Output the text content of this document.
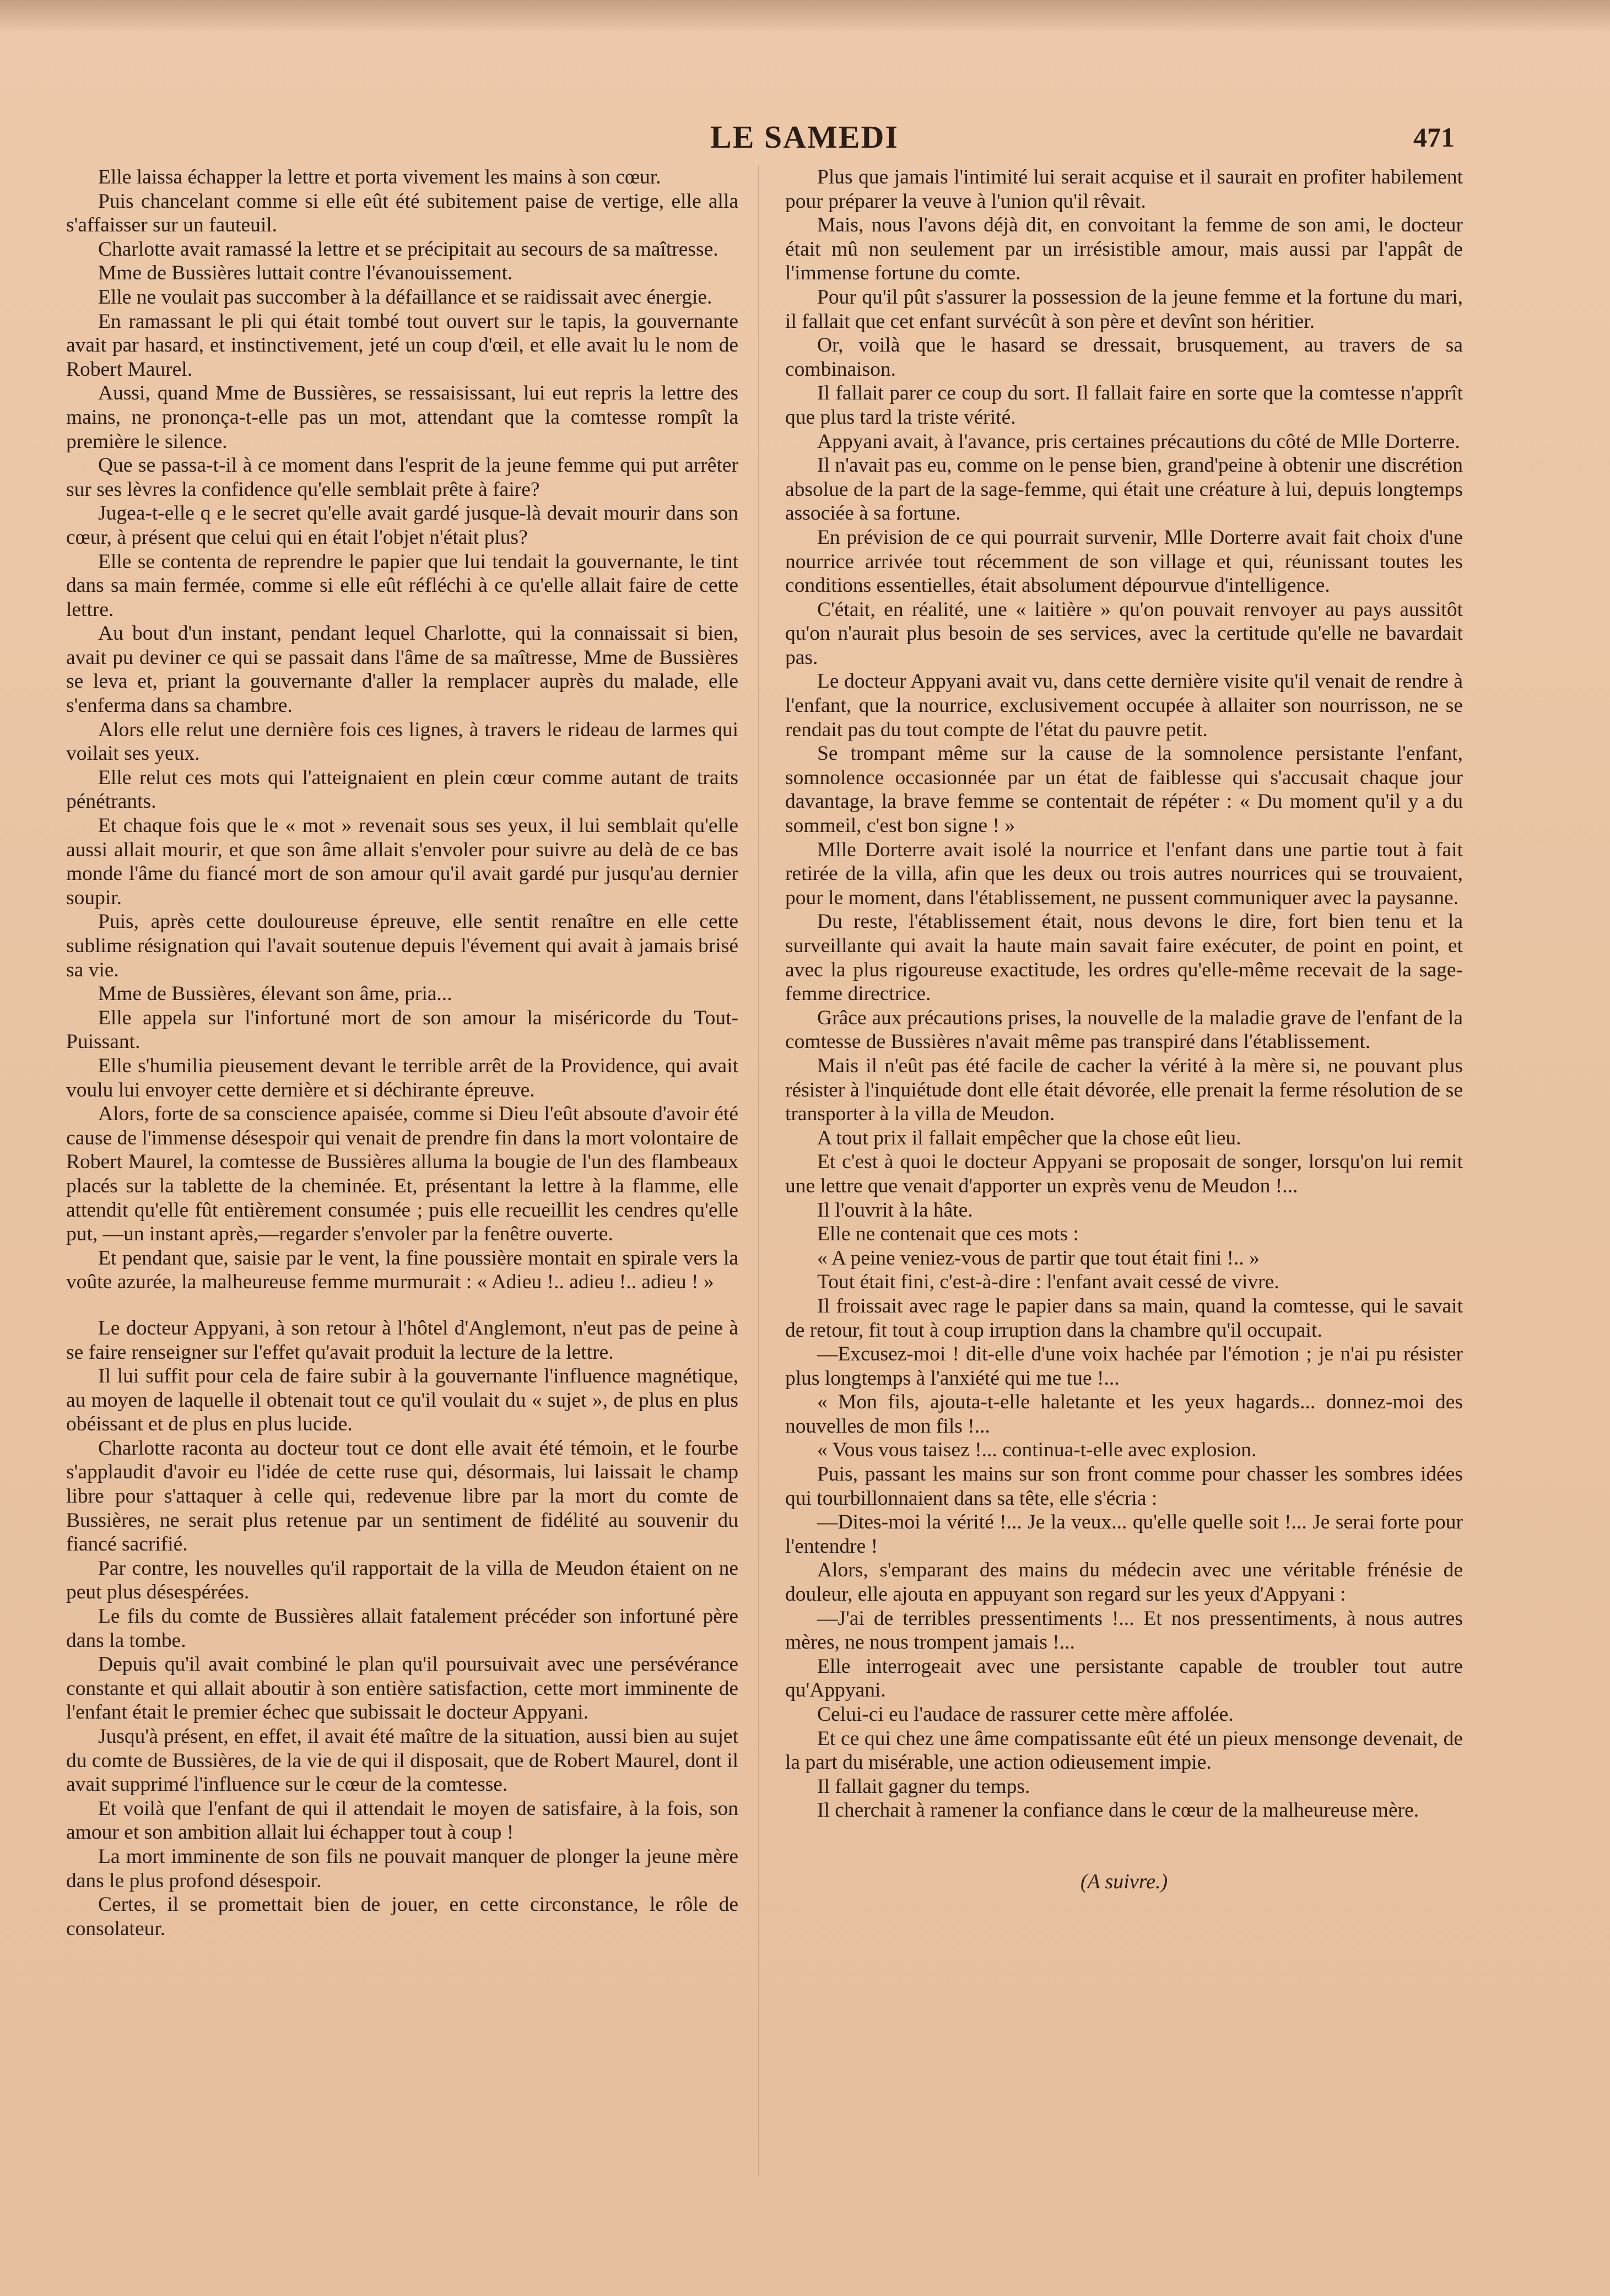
LE SAMEDI	471

Elle laissa échapper la lettre et porta vivement les mains à son cœur.

Puis chancelant comme si elle eût été subitement paise de vertige, elle alla s'affaisser sur un fauteuil.

Charlotte avait ramassé la lettre et se précipitait au secours de sa maîtresse.

Mme de Bussières luttait contre l'évanouissement.

Elle ne voulait pas succomber à la défaillance et se raidissait avec énergie.

En ramassant le pli qui était tombé tout ouvert sur le tapis, la gouvernante avait par hasard, et instinctivement, jeté un coup d'œil, et elle avait lu le nom de Robert Maurel.

Aussi, quand Mme de Bussières, se ressaisissant, lui eut repris la lettre des mains, ne prononça-t-elle pas un mot, attendant que la comtesse rompît la première le silence.

Que se passa-t-il à ce moment dans l'esprit de la jeune femme qui put arrêter sur ses lèvres la confidence qu'elle semblait prête à faire?

Jugea-t-elle q e le secret qu'elle avait gardé jusque-là devait mourir dans son cœur, à présent que celui qui en était l'objet n'était plus?

Elle se contenta de reprendre le papier que lui tendait la gouvernante, le tint dans sa main fermée, comme si elle eût réfléchi à ce qu'elle allait faire de cette lettre.

Au bout d'un instant, pendant lequel Charlotte, qui la connaissait si bien, avait pu deviner ce qui se passait dans l'âme de sa maîtresse, Mme de Bussières se leva et, priant la gouvernante d'aller la remplacer auprès du malade, elle s'enferma dans sa chambre.

Alors elle relut une dernière fois ces lignes, à travers le rideau de larmes qui voilait ses yeux.

Elle relut ces mots qui l'atteignaient en plein cœur comme autant de traits pénétrants.

Et chaque fois que le « mot » revenait sous ses yeux, il lui semblait qu'elle aussi allait mourir, et que son âme allait s'envoler pour suivre au delà de ce bas monde l'âme du fiancé mort de son amour qu'il avait gardé pur jusqu'au dernier soupir.

Puis, après cette douloureuse épreuve, elle sentit renaître en elle cette sublime résignation qui l'avait soutenue depuis l'évement qui avait à jamais brisé sa vie.

Mme de Bussières, élevant son âme, pria...

Elle appela sur l'infortuné mort de son amour la miséricorde du Tout-Puissant.

Elle s'humilia pieusement devant le terrible arrêt de la Providence, qui avait voulu lui envoyer cette dernière et si déchirante épreuve.

Alors, forte de sa conscience apaisée, comme si Dieu l'eût absoute d'avoir été cause de l'immense désespoir qui venait de prendre fin dans la mort volontaire de Robert Maurel, la comtesse de Bussières alluma la bougie de l'un des flambeaux placés sur la tablette de la cheminée. Et, présentant la lettre à la flamme, elle attendit qu'elle fût entièrement consumée ; puis elle recueillit les cendres qu'elle put, —un instant après,—regarder s'envoler par la fenêtre ouverte.

Et pendant que, saisie par le vent, la fine poussière montait en spirale vers la voûte azurée, la malheureuse femme murmurait : « Adieu !.. adieu !.. adieu ! »

Le docteur Appyani, à son retour à l'hôtel d'Anglemont, n'eut pas de peine à se faire renseigner sur l'effet qu'avait produit la lecture de la lettre.

Il lui suffit pour cela de faire subir à la gouvernante l'influence magnétique, au moyen de laquelle il obtenait tout ce qu'il voulait du « sujet », de plus en plus obéissant et de plus en plus lucide.

Charlotte raconta au docteur tout ce dont elle avait été témoin, et le fourbe s'applaudit d'avoir eu l'idée de cette ruse qui, désormais, lui laissait le champ libre pour s'attaquer à celle qui, redevenue libre par la mort du comte de Bussières, ne serait plus retenue par un sentiment de fidélité au souvenir du fiancé sacrifié.

Par contre, les nouvelles qu'il rapportait de la villa de Meudon étaient on ne peut plus désespérées.

Le fils du comte de Bussières allait fatalement précéder son infortuné père dans la tombe.

Depuis qu'il avait combiné le plan qu'il poursuivait avec une persévérance constante et qui allait aboutir à son entière satisfaction, cette mort imminente de l'enfant était le premier échec que subissait le docteur Appyani.

Jusqu'à présent, en effet, il avait été maître de la situation, aussi bien au sujet du comte de Bussières, de la vie de qui il disposait, que de Robert Maurel, dont il avait supprimé l'influence sur le cœur de la comtesse.

Et voilà que l'enfant de qui il attendait le moyen de satisfaire, à la fois, son amour et son ambition allait lui échapper tout à coup !

La mort imminente de son fils ne pouvait manquer de plonger la jeune mère dans le plus profond désespoir.

Certes, il se promettait bien de jouer, en cette circonstance, le rôle de consolateur.

Plus que jamais l'intimité lui serait acquise et il saurait en profiter habilement pour préparer la veuve à l'union qu'il rêvait.

Mais, nous l'avons déjà dit, en convoitant la femme de son ami, le docteur était mû non seulement par un irrésistible amour, mais aussi par l'appât de l'immense fortune du comte.

Pour qu'il pût s'assurer la possession de la jeune femme et la fortune du mari, il fallait que cet enfant survécût à son père et devînt son héritier.

Or, voilà que le hasard se dressait, brusquement, au travers de sa combinaison.

Il fallait parer ce coup du sort. Il fallait faire en sorte que la comtesse n'apprît que plus tard la triste vérité.

Appyani avait, à l'avance, pris certaines précautions du côté de Mlle Dorterre.

Il n'avait pas eu, comme on le pense bien, grand'peine à obtenir une discrétion absolue de la part de la sage-femme, qui était une créature à lui, depuis longtemps associée à sa fortune.

En prévision de ce qui pourrait survenir, Mlle Dorterre avait fait choix d'une nourrice arrivée tout récemment de son village et qui, réunissant toutes les conditions essentielles, était absolument dépourvue d'intelligence.

C'était, en réalité, une « laitière » qu'on pouvait renvoyer au pays aussitôt qu'on n'aurait plus besoin de ses services, avec la certitude qu'elle ne bavardait pas.

Le docteur Appyani avait vu, dans cette dernière visite qu'il venait de rendre à l'enfant, que la nourrice, exclusivement occupée à allaiter son nourrisson, ne se rendait pas du tout compte de l'état du pauvre petit.

Se trompant même sur la cause de la somnolence persistante l'enfant, somnolence occasionnée par un état de faiblesse qui s'accusait chaque jour davantage, la brave femme se contentait de répéter : « Du moment qu'il y a du sommeil, c'est bon signe ! »

Mlle Dorterre avait isolé la nourrice et l'enfant dans une partie tout à fait retirée de la villa, afin que les deux ou trois autres nourrices qui se trouvaient, pour le moment, dans l'établissement, ne pussent communiquer avec la paysanne.

Du reste, l'établissement était, nous devons le dire, fort bien tenu et la surveillante qui avait la haute main savait faire exécuter, de point en point, et avec la plus rigoureuse exactitude, les ordres qu'elle-même recevait de la sage-femme directrice.

Grâce aux précautions prises, la nouvelle de la maladie grave de l'enfant de la comtesse de Bussières n'avait même pas transpiré dans l'établissement.

Mais il n'eût pas été facile de cacher la vérité à la mère si, ne pouvant plus résister à l'inquiétude dont elle était dévorée, elle prenait la ferme résolution de se transporter à la villa de Meudon.

A tout prix il fallait empêcher que la chose eût lieu.

Et c'est à quoi le docteur Appyani se proposait de songer, lorsqu'on lui remit une lettre que venait d'apporter un exprès venu de Meudon !...

Il l'ouvrit à la hâte.

Elle ne contenait que ces mots :

« A peine veniez-vous de partir que tout était fini !.. »

Tout était fini, c'est-à-dire : l'enfant avait cessé de vivre.

Il froissait avec rage le papier dans sa main, quand la comtesse, qui le savait de retour, fit tout à coup irruption dans la chambre qu'il occupait.

—Excusez-moi ! dit-elle d'une voix hachée par l'émotion ; je n'ai pu résister plus longtemps à l'anxiété qui me tue !...

« Mon fils, ajouta-t-elle haletante et les yeux hagards... donnez-moi des nouvelles de mon fils !...

« Vous vous taisez !... continua-t-elle avec explosion.

Puis, passant les mains sur son front comme pour chasser les sombres idées qui tourbillonnaient dans sa tête, elle s'écria :

—Dites-moi la vérité !... Je la veux... qu'elle quelle soit !... Je serai forte pour l'entendre !

Alors, s'emparant des mains du médecin avec une véritable frénésie de douleur, elle ajouta en appuyant son regard sur les yeux d'Appyani :

—J'ai de terribles pressentiments !... Et nos pressentiments, à nous autres mères, ne nous trompent jamais !...

Elle interrogeait avec une persistante capable de troubler tout autre qu'Appyani.

Celui-ci eu l'audace de rassurer cette mère affolée.

Et ce qui chez une âme compatissante eût été un pieux mensonge devenait, de la part du misérable, une action odieusement impie.

Il fallait gagner du temps.

Il cherchait à ramener la confiance dans le cœur de la malheureuse mère.

(A suivre.)
